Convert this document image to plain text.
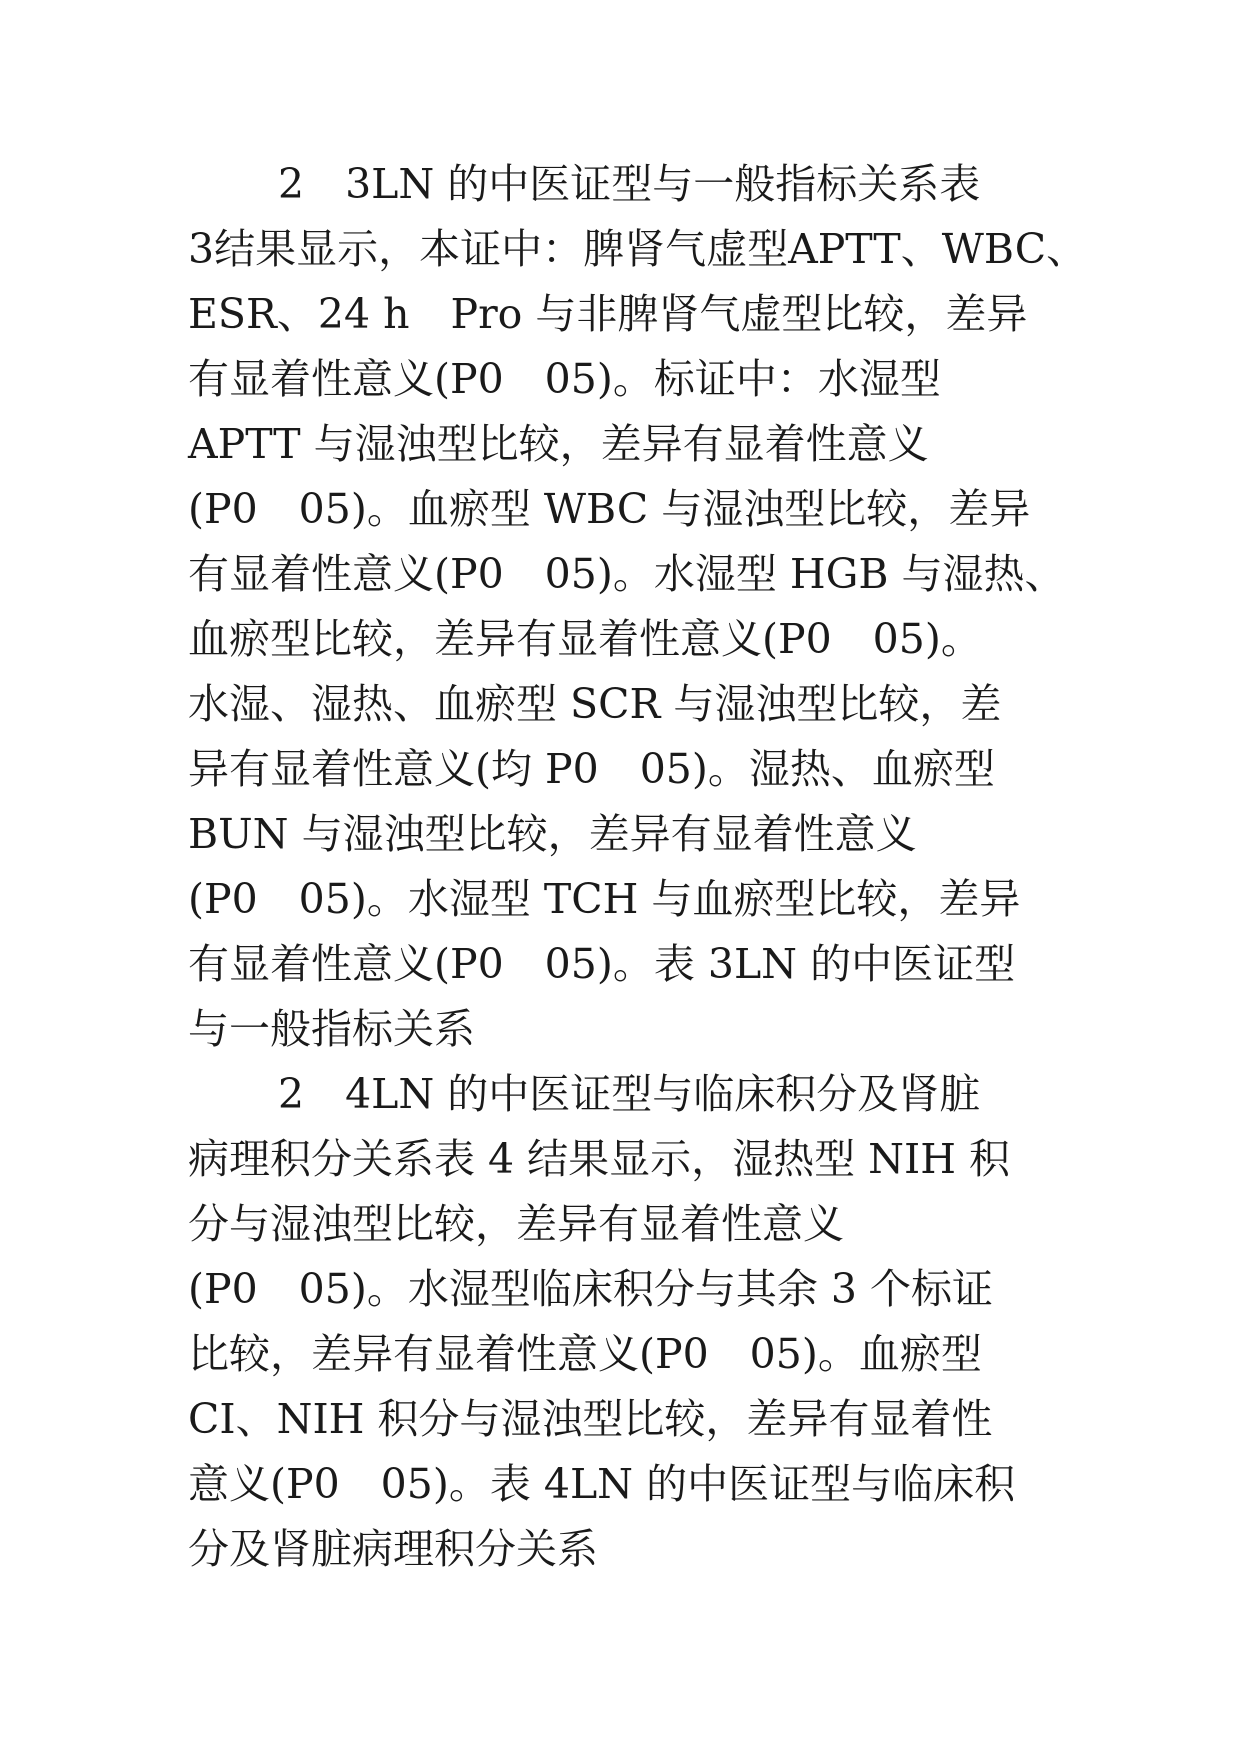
2　3LN 的中医证型与一般指标关系表
3结果显示，本证中：脾肾气虚型APTT、WBC、
ESR、24 h　Pro 与非脾肾气虚型比较，差异
有显着性意义(P0　05)。标证中：水湿型
APTT 与湿浊型比较，差异有显着性意义
(P0　05)。血瘀型 WBC 与湿浊型比较，差异
有显着性意义(P0　05)。水湿型 HGB 与湿热、
血瘀型比较，差异有显着性意义(P0　05)。
水湿、湿热、血瘀型 SCR 与湿浊型比较，差
异有显着性意义(均 P0　05)。湿热、血瘀型
BUN 与湿浊型比较，差异有显着性意义
(P0　05)。水湿型 TCH 与血瘀型比较，差异
有显着性意义(P0　05)。表 3LN 的中医证型
与一般指标关系
2　4LN 的中医证型与临床积分及肾脏
病理积分关系表 4 结果显示，湿热型 NIH 积
分与湿浊型比较，差异有显着性意义
(P0　05)。水湿型临床积分与其余 3 个标证
比较，差异有显着性意义(P0　05)。血瘀型
CI、NIH 积分与湿浊型比较，差异有显着性
意义(P0　05)。表 4LN 的中医证型与临床积
分及肾脏病理积分关系
